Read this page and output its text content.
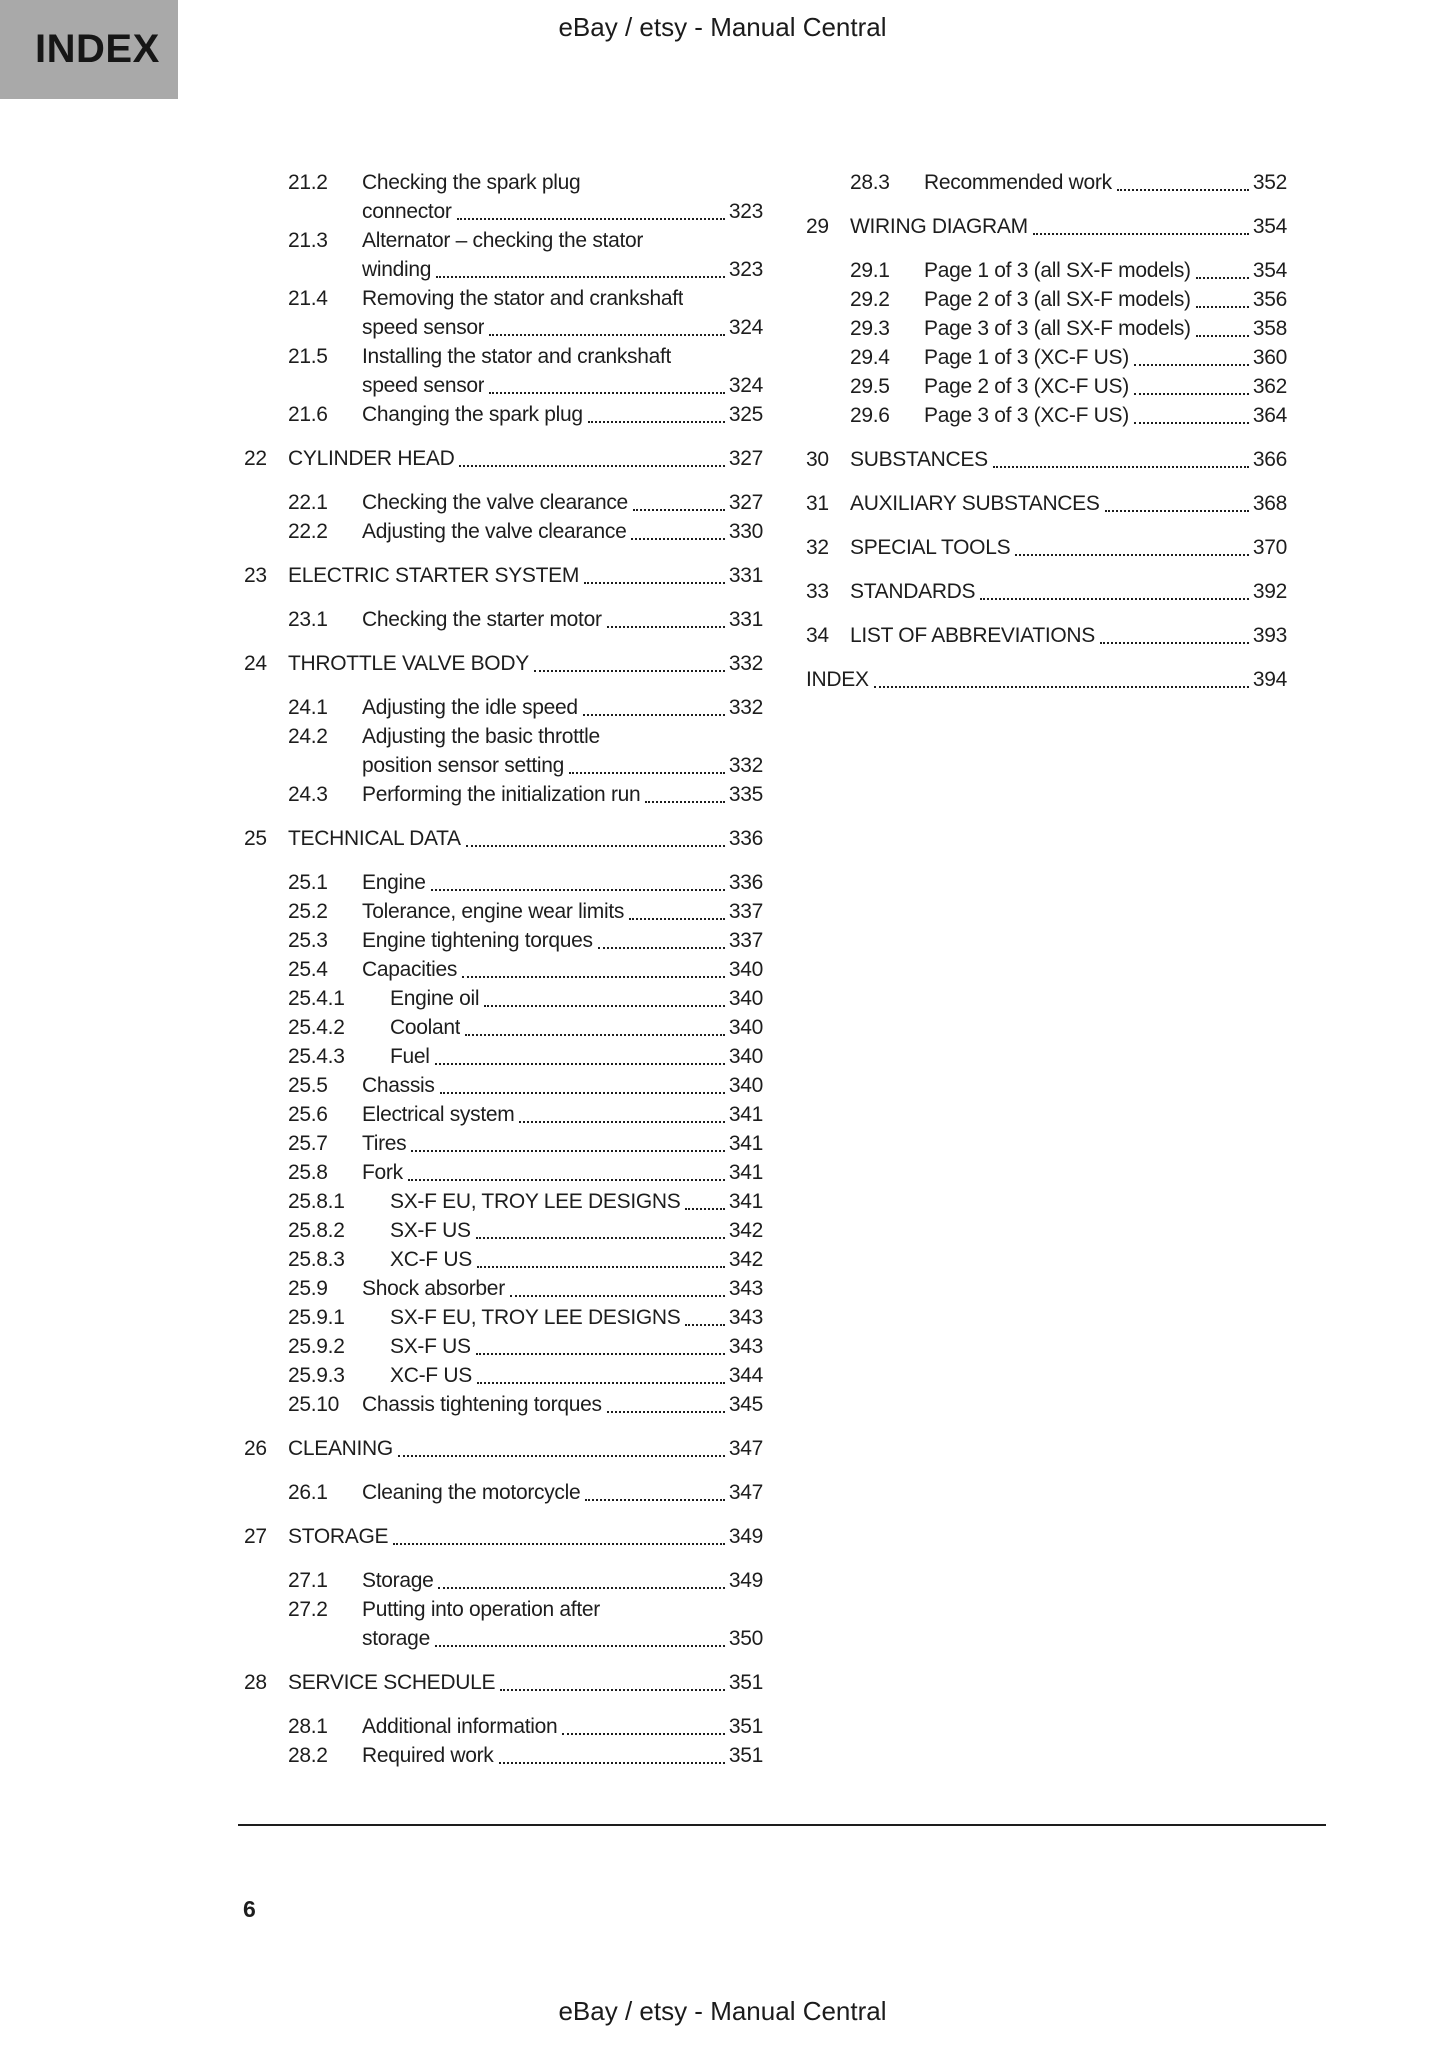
INDEX	eBay / etsy - Manual Central
21.2	Checking the spark plug
connector	323
21.3	Alternator – checking the stator
winding	323
21.4	Removing the stator and crankshaft
speed sensor	324
21.5	Installing the stator and crankshaft
speed sensor	324
21.6	Changing the spark plug	325
22	CYLINDER HEAD	327
22.1	Checking the valve clearance	327
22.2	Adjusting the valve clearance	330
23	ELECTRIC STARTER SYSTEM	331
23.1	Checking the starter motor	331
24	THROTTLE VALVE BODY	332
24.1	Adjusting the idle speed	332
24.2	Adjusting the basic throttle
position sensor setting	332
24.3	Performing the initialization run	335
25	TECHNICAL DATA	336
25.1	Engine	336
25.2	Tolerance, engine wear limits	337
25.3	Engine tightening torques	337
25.4	Capacities	340
25.4.1	Engine oil	340
25.4.2	Coolant	340
25.4.3	Fuel	340
25.5	Chassis	340
25.6	Electrical system	341
25.7	Tires	341
25.8	Fork	341
25.8.1	SX-F EU, TROY LEE DESIGNS 341
25.8.2	SX-F US	342
25.8.3	XC-F US	342
25.9	Shock absorber	343
25.9.1	SX-F EU, TROY LEE DESIGNS 343
25.9.2	SX-F US	343
25.9.3	XC-F US	344
25.10	Chassis tightening torques	345
26	CLEANING	347
26.1	Cleaning the motorcycle	347
27	STORAGE	349
27.1	Storage	349
27.2	Putting into operation after
storage	350
28	SERVICE SCHEDULE	351
28.1	Additional information	351
28.2	Required work	351
28.3	Recommended work	352
29	WIRING DIAGRAM	354
29.1	Page 1 of 3 (all SX-F models)	354
29.2	Page 2 of 3 (all SX-F models)	356
29.3	Page 3 of 3 (all SX-F models)	358
29.4	Page 1 of 3 (XC-F US)	360
29.5	Page 2 of 3 (XC-F US)	362
29.6	Page 3 of 3 (XC-F US)	364
30	SUBSTANCES	366
31	AUXILIARY SUBSTANCES	368
32	SPECIAL TOOLS	370
33	STANDARDS	392
34	LIST OF ABBREVIATIONS	393
INDEX	394
6
eBay / etsy - Manual Central
